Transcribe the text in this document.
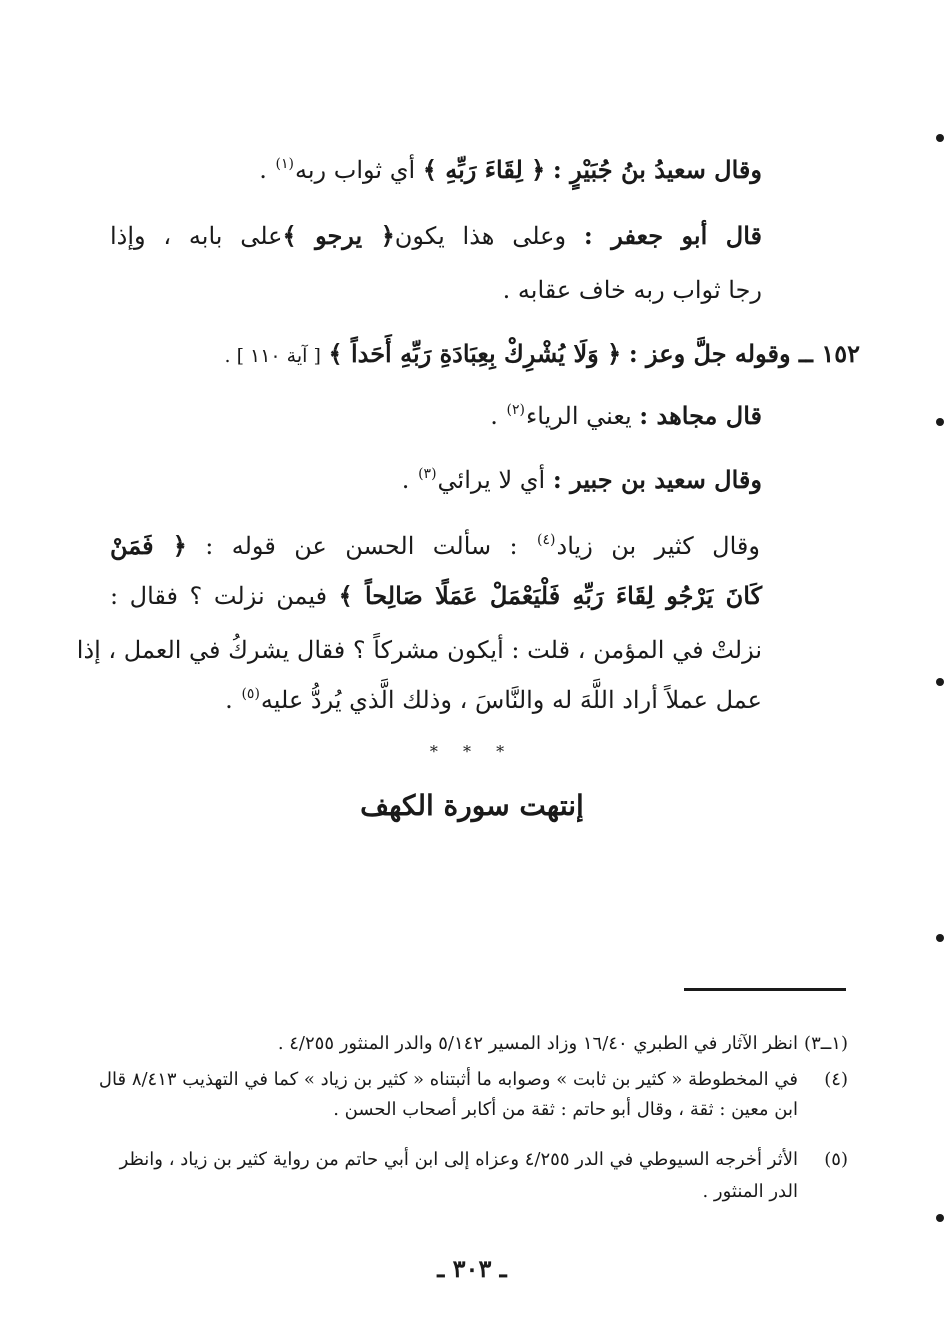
وقال سعيدُ بنُ جُبَيْرٍ : ﴿ لِقَاءَ رَبِّهِ ﴾ أي ثواب ربه$^{(١)}$ .
قال أبو جعفر : وعلى هذا يكون﴿ يرجو ﴾على بابه ، وإذا
رجا ثواب ربه خاف عقابه .
١٥٢ ــ وقوله جلَّ وعز : ﴿ وَلَا يُشْرِكْ بِعِبَادَةِ رَبِّهِ أَحَداً ﴾ [ آية ١١٠ ] .
قال مجاهد : يعني الرياء$^{(٢)}$ .
وقال سعيد بن جبير : أي لا يرائي$^{(٣)}$ .
وقال كثير بن زياد$^{(٤)}$ : سألت الحسن عن قوله : ﴿ فَمَنْ
كَانَ يَرْجُو لِقَاءَ رَبِّهِ فَلْيَعْمَلْ عَمَلًا صَالِحاً ﴾ فيمن نزلت ؟ فقال :
نزلتْ في المؤمن ، قلت : أيكون مشركاً ؟ فقال يشركُ في العمل ، إذا
عمل عملاً أراد اللَّهَ له والنَّاسَ ، وذلك الَّذي يُردُّ عليه$^{(٥)}$ .
* * *
إنتهت سورة الكهف
(١ــ٣)انظر الآثار في الطبري ١٦/٤٠ وزاد المسير ٥/١٤٢ والدر المنثور ٤/٢٥٥ .
(٤)في المخطوطة « كثير بن ثابت » وصوابه ما أثبتناه « كثير بن زياد » كما في التهذيب ٨/٤١٣ قال
ابن معين : ثقة ، وقال أبو حاتم : ثقة من أكابر أصحاب الحسن .
(٥)الأثر أخرجه السيوطي في الدر ٤/٢٥٥ وعزاه إلى ابن أبي حاتم من رواية كثير بن زياد ، وانظر
الدر المنثور .
ـ ٣٠٣ ـ
